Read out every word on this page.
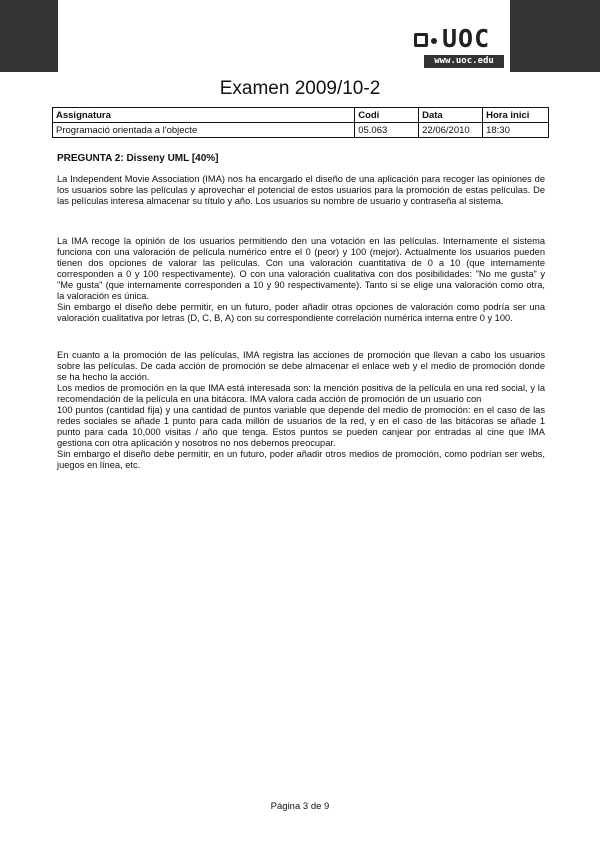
UOC
www.uoc.edu
Examen 2009/10-2
Assignatura	Codi	Data	Hora inici
Programació orientada a l'objecte	05.063	22/06/2010	18:30
PREGUNTA 2: Disseny UML [40%]

La Independent Movie Association (IMA) nos ha encargado el diseño de una aplicación para recoger las opiniones de los usuarios sobre las películas y aprovechar el potencial de estos usuarios para la promoción de estas películas. De las películas interesa almacenar su título y año. Los usuarios su nombre de usuario y contraseña al sistema.

La IMA recoge la opinión de los usuarios permitiendo den una votación en las películas. Internamente el sistema funciona con una valoración de película numérico entre el 0 (peor) y 100 (mejor). Actualmente los usuarios pueden tienen dos opciones de valorar las películas. Con una valoración cuantitativa de 0 a 10 (que internamente corresponden a 0 y 100 respectivamente). O con una valoración cualitativa con dos posibilidades: "No me gusta" y "Me gusta" (que internamente corresponden a 10 y 90 respectivamente). Tanto si se elige una valoración como otra, la valoración es única.
Sin embargo el diseño debe permitir, en un futuro, poder añadir otras opciones de valoración como podría ser una valoración cualitativa por letras (D, C, B, A) con su correspondiente correlación numérica interna entre 0 y 100.

En cuanto a la promoción de las películas, IMA registra las acciones de promoción que llevan a cabo los usuarios sobre las películas. De cada acción de promoción se debe almacenar el enlace web y el medio de promoción donde se ha hecho la acción.
Los medios de promoción en la que IMA está interesada son: la mención positiva de la película en una red social, y la recomendación de la película en una bitácora. IMA valora cada acción de promoción de un usuario con
100 puntos (cantidad fija) y una cantidad de puntos variable que depende del medio de promoción: en el caso de las redes sociales se añade 1 punto para cada millón de usuarios de la red, y en el caso de las bitácoras se añade 1 punto para cada 10,000 visitas / año que tenga. Estos puntos se pueden canjear por entradas al cine que IMA gestiona con otra aplicación y nosotros no nos debemos preocupar.
Sin embargo el diseño debe permitir, en un futuro, poder añadir otros medios de promoción, como podrían ser webs, juegos en línea, etc.

Página 3 de 9
